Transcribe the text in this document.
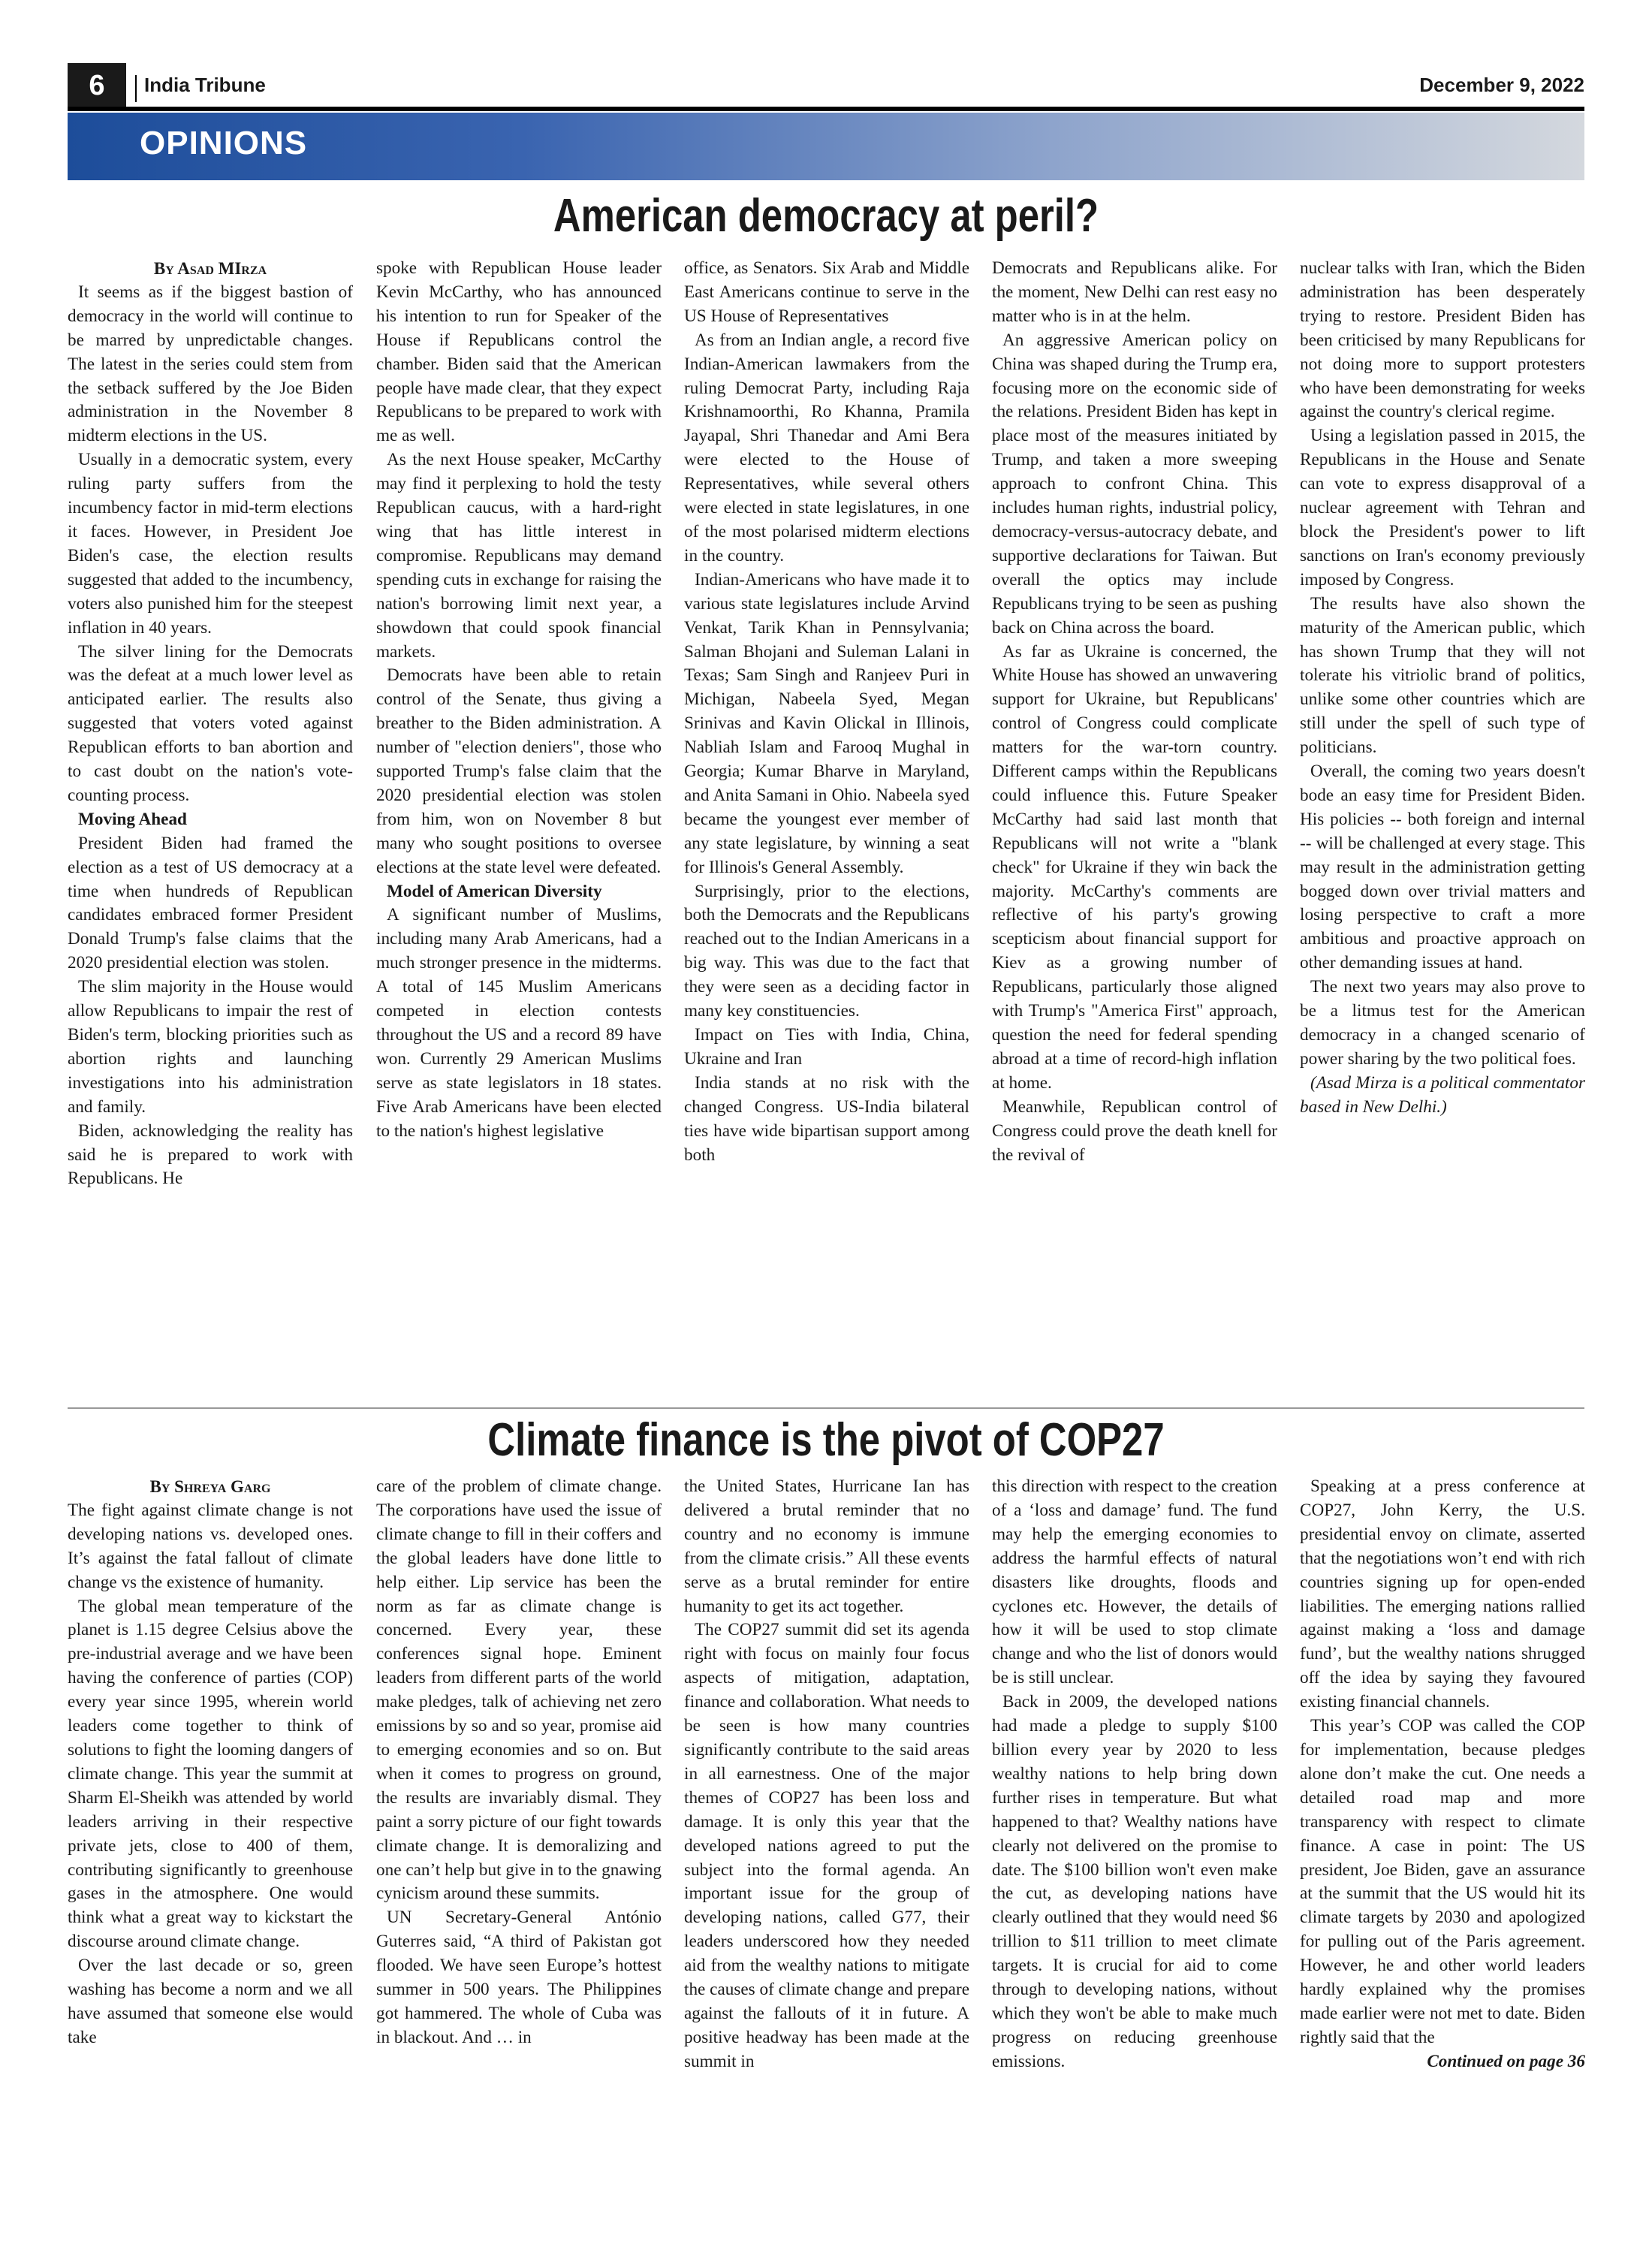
6	India Tribune	December 9, 2022
OPINIONS
American democracy at peril?

By Asad MIrza

It seems as if the biggest bastion of democracy in the world will continue to be marred by unpredictable changes. The latest in the series could stem from the setback suffered by the Joe Biden administration in the November 8 midterm elections in the US.

Usually in a democratic system, every ruling party suffers from the incumbency factor in mid-term elections it faces. However, in President Joe Biden's case, the election results suggested that added to the incumbency, voters also punished him for the steepest inflation in 40 years.

The silver lining for the Democrats was the defeat at a much lower level as anticipated earlier. The results also suggested that voters voted against Republican efforts to ban abortion and to cast doubt on the nation's vote-counting process.

Moving Ahead

President Biden had framed the election as a test of US democracy at a time when hundreds of Republican candidates embraced former President Donald Trump's false claims that the 2020 presidential election was stolen.

The slim majority in the House would allow Republicans to impair the rest of Biden's term, blocking priorities such as abortion rights and launching investigations into his administration and family.

Biden, acknowledging the reality has said he is prepared to work with Republicans. He

spoke with Republican House leader Kevin McCarthy, who has announced his intention to run for Speaker of the House if Republicans control the chamber. Biden said that the American people have made clear, that they expect Republicans to be prepared to work with me as well.

As the next House speaker, McCarthy may find it perplexing to hold the testy Republican caucus, with a hard-right wing that has little interest in compromise. Republicans may demand spending cuts in exchange for raising the nation's borrowing limit next year, a showdown that could spook financial markets.

Democrats have been able to retain control of the Senate, thus giving a breather to the Biden administration. A number of "election deniers", those who supported Trump's false claim that the 2020 presidential election was stolen from him, won on November 8 but many who sought positions to oversee elections at the state level were defeated.

Model of American Diversity

A significant number of Muslims, including many Arab Americans, had a much stronger presence in the midterms. A total of 145 Muslim Americans competed in election contests throughout the US and a record 89 have won. Currently 29 American Muslims serve as state legislators in 18 states. Five Arab Americans have been elected to the nation's highest legislative

office, as Senators. Six Arab and Middle East Americans continue to serve in the US House of Representatives

As from an Indian angle, a record five Indian-American lawmakers from the ruling Democrat Party, including Raja Krishnamoorthi, Ro Khanna, Pramila Jayapal, Shri Thanedar and Ami Bera were elected to the House of Representatives, while several others were elected in state legislatures, in one of the most polarised midterm elections in the country.

Indian-Americans who have made it to various state legislatures include Arvind Venkat, Tarik Khan in Pennsylvania; Salman Bhojani and Suleman Lalani in Texas; Sam Singh and Ranjeev Puri in Michigan, Nabeela Syed, Megan Srinivas and Kavin Olickal in Illinois, Nabliah Islam and Farooq Mughal in Georgia; Kumar Bharve in Maryland, and Anita Samani in Ohio. Nabeela syed became the youngest ever member of any state legislature, by winning a seat for Illinois's General Assembly.

Surprisingly, prior to the elections, both the Democrats and the Republicans reached out to the Indian Americans in a big way. This was due to the fact that they were seen as a deciding factor in many key constituencies.

Impact on Ties with India, China, Ukraine and Iran

India stands at no risk with the changed Congress. US-India bilateral ties have wide bipartisan support among both

Democrats and Republicans alike. For the moment, New Delhi can rest easy no matter who is in at the helm.

An aggressive American policy on China was shaped during the Trump era, focusing more on the economic side of the relations. President Biden has kept in place most of the measures initiated by Trump, and taken a more sweeping approach to confront China. This includes human rights, industrial policy, democracy-versus-autocracy debate, and supportive declarations for Taiwan. But overall the optics may include Republicans trying to be seen as pushing back on China across the board.

As far as Ukraine is concerned, the White House has showed an unwavering support for Ukraine, but Republicans' control of Congress could complicate matters for the war-torn country. Different camps within the Republicans could influence this. Future Speaker McCarthy had said last month that Republicans will not write a "blank check" for Ukraine if they win back the majority. McCarthy's comments are reflective of his party's growing scepticism about financial support for Kiev as a growing number of Republicans, particularly those aligned with Trump's "America First" approach, question the need for federal spending abroad at a time of record-high inflation at home.

Meanwhile, Republican control of Congress could prove the death knell for the revival of

nuclear talks with Iran, which the Biden administration has been desperately trying to restore. President Biden has been criticised by many Republicans for not doing more to support protesters who have been demonstrating for weeks against the country's clerical regime.

Using a legislation passed in 2015, the Republicans in the House and Senate can vote to express disapproval of a nuclear agreement with Tehran and block the President's power to lift sanctions on Iran's economy previously imposed by Congress.

The results have also shown the maturity of the American public, which has shown Trump that they will not tolerate his vitriolic brand of politics, unlike some other countries which are still under the spell of such type of politicians.

Overall, the coming two years doesn't bode an easy time for President Biden. His policies -- both foreign and internal -- will be challenged at every stage. This may result in the administration getting bogged down over trivial matters and losing perspective to craft a more ambitious and proactive approach on other demanding issues at hand.

The next two years may also prove to be a litmus test for the American democracy in a changed scenario of power sharing by the two political foes.

(Asad Mirza is a political commentator based in New Delhi.)

Climate finance is the pivot of COP27

By Shreya Garg

The fight against climate change is not developing nations vs. developed ones. It’s against the fatal fallout of climate change vs the existence of humanity.

The global mean temperature of the planet is 1.15 degree Celsius above the pre-industrial average and we have been having the conference of parties (COP) every year since 1995, wherein world leaders come together to think of solutions to fight the looming dangers of climate change. This year the summit at Sharm El-Sheikh was attended by world leaders arriving in their respective private jets, close to 400 of them, contributing significantly to greenhouse gases in the atmosphere. One would think what a great way to kickstart the discourse around climate change.

Over the last decade or so, green washing has become a norm and we all have assumed that someone else would take

care of the problem of climate change. The corporations have used the issue of climate change to fill in their coffers and the global leaders have done little to help either. Lip service has been the norm as far as climate change is concerned. Every year, these conferences signal hope. Eminent leaders from different parts of the world make pledges, talk of achieving net zero emissions by so and so year, promise aid to emerging economies and so on. But when it comes to progress on ground, the results are invariably dismal. They paint a sorry picture of our fight towards climate change. It is demoralizing and one can’t help but give in to the gnawing cynicism around these summits.

UN Secretary-General António Guterres said, “A third of Pakistan got flooded. We have seen Europe’s hottest summer in 500 years. The Philippines got hammered. The whole of Cuba was in blackout. And … in

the United States, Hurricane Ian has delivered a brutal reminder that no country and no economy is immune from the climate crisis.” All these events serve as a brutal reminder for entire humanity to get its act together.

The COP27 summit did set its agenda right with focus on mainly four focus aspects of mitigation, adaptation, finance and collaboration. What needs to be seen is how many countries significantly contribute to the said areas in all earnestness. One of the major themes of COP27 has been loss and damage. It is only this year that the developed nations agreed to put the subject into the formal agenda. An important issue for the group of developing nations, called G77, their leaders underscored how they needed aid from the wealthy nations to mitigate the causes of climate change and prepare against the fallouts of it in future. A positive headway has been made at the summit in

this direction with respect to the creation of a ‘loss and damage’ fund. The fund may help the emerging economies to address the harmful effects of natural disasters like droughts, floods and cyclones etc. However, the details of how it will be used to stop climate change and who the list of donors would be is still unclear.

Back in 2009, the developed nations had made a pledge to supply $100 billion every year by 2020 to less wealthy nations to help bring down further rises in temperature. But what happened to that? Wealthy nations have clearly not delivered on the promise to date. The $100 billion won't even make the cut, as developing nations have clearly outlined that they would need $6 trillion to $11 trillion to meet climate targets. It is crucial for aid to come through to developing nations, without which they won't be able to make much progress on reducing greenhouse emissions.

Speaking at a press conference at COP27, John Kerry, the U.S. presidential envoy on climate, asserted that the negotiations won’t end with rich countries signing up for open-ended liabilities. The emerging nations rallied against making a ‘loss and damage fund’, but the wealthy nations shrugged off the idea by saying they favoured existing financial channels.

This year’s COP was called the COP for implementation, because pledges alone don’t make the cut. One needs a detailed road map and more transparency with respect to climate finance. A case in point: The US president, Joe Biden, gave an assurance at the summit that the US would hit its climate targets by 2030 and apologized for pulling out of the Paris agreement. However, he and other world leaders hardly explained why the promises made earlier were not met to date. Biden rightly said that the

Continued on page 36
